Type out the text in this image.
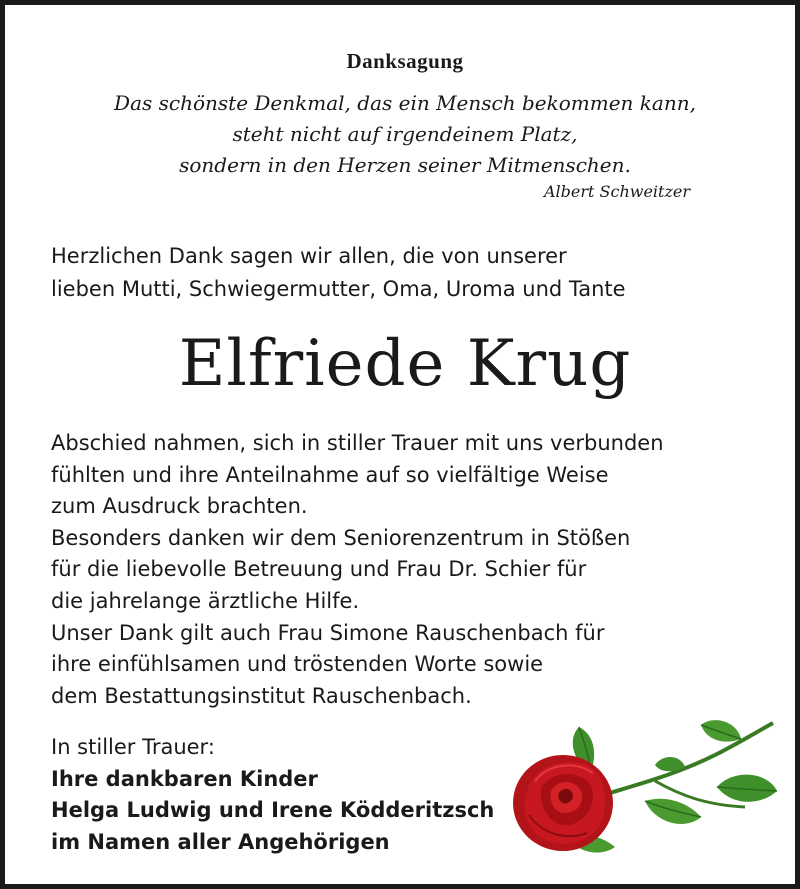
Danksagung
Das schönste Denkmal, das ein Mensch bekommen kann,
steht nicht auf irgendeinem Platz,
sondern in den Herzen seiner Mitmenschen.
Albert Schweitzer
Herzlichen Dank sagen wir allen, die von unserer
lieben Mutti, Schwiegermutter, Oma, Uroma und Tante
Elfriede Krug
Abschied nahmen, sich in stiller Trauer mit uns verbunden
fühlten und ihre Anteilnahme auf so vielfältige Weise
zum Ausdruck brachten.
Besonders danken wir dem Seniorenzentrum in Stößen
für die liebevolle Betreuung und Frau Dr. Schier für
die jahrelange ärztliche Hilfe.
Unser Dank gilt auch Frau Simone Rauschenbach für
ihre einfühlsamen und tröstenden Worte sowie
dem Bestattungsinstitut Rauschenbach.
In stiller Trauer:
Ihre dankbaren Kinder
Helga Ludwig und Irene Ködderitzsch
im Namen aller Angehörigen
